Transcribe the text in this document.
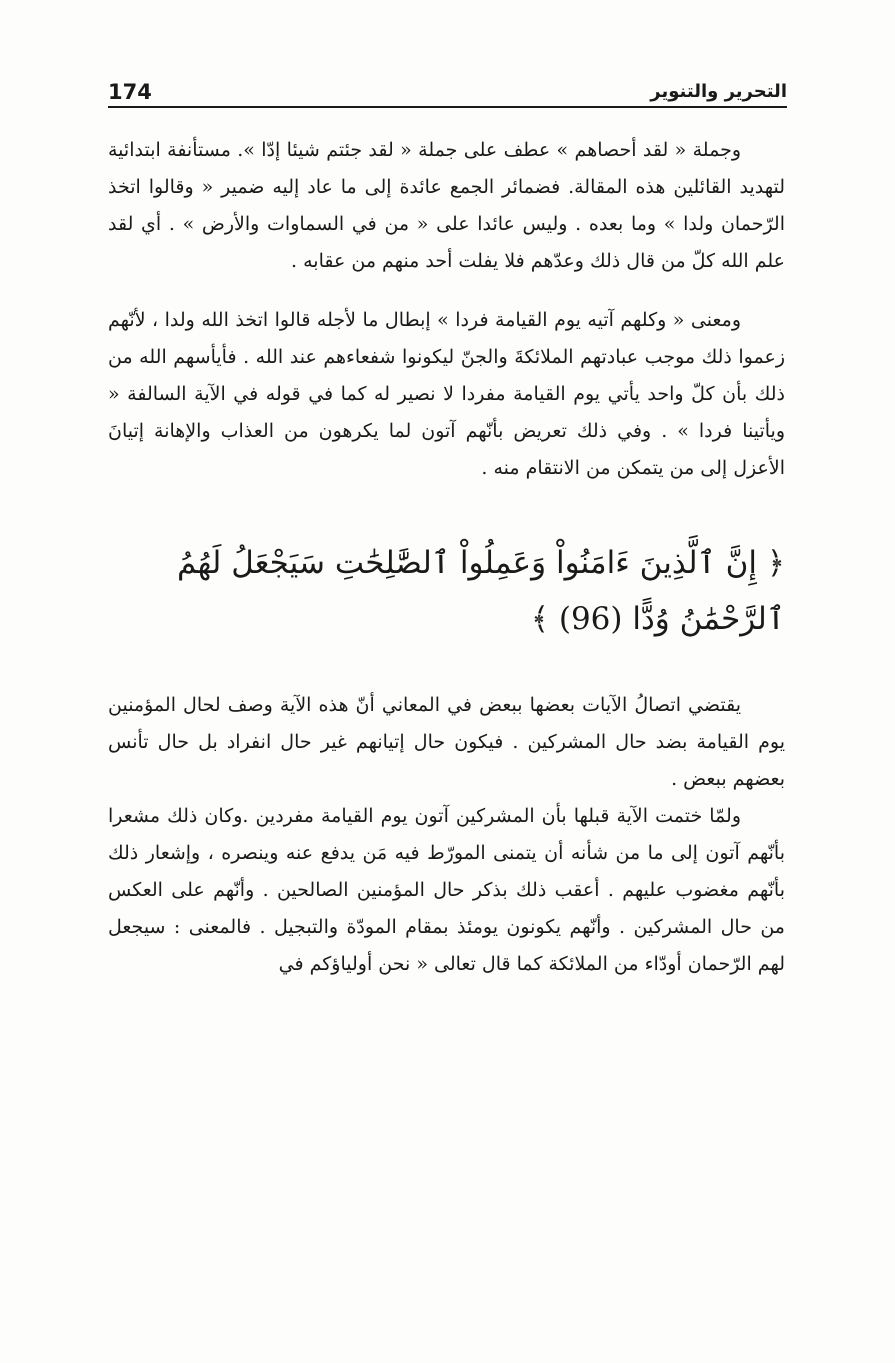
174	التحرير والتنوير

وجملة « لقد أحصاهم » عطف على جملة « لقد جئتم شيئا إدّا ». مستأنفة ابتدائية لتهديد القائلين هذه المقالة. فضمائر الجمع عائدة إلى ما عاد إليه ضمير « وقالوا اتخذ الرّحمان ولدا » وما بعده . وليس عائدا على « من في السماوات والأرض » . أي لقد علم الله كلّ من قال ذلك وعدّهم فلا يفلت أحد منهم من عقابه .

ومعنى « وكلهم آتيه يوم القيامة فردا » إبطال ما لأجله قالوا اتخذ الله ولدا ، لأنّهم زعموا ذلك موجب عبادتهم الملائكةَ والجنّ ليكونوا شفعاءهم عند الله . فأيأسهم الله من ذلك بأن كلّ واحد يأتي يوم القيامة مفردا لا نصير له كما في قوله في الآية السالفة « ويأتينا فردا » . وفي ذلك تعريض بأنّهم آتون لما يكرهون من العذاب والإهانة إتيانَ الأعزل إلى من يتمكن من الانتقام منه .

﴿ إِنَّ ٱلَّذِينَ ءَامَنُواْ وَعَمِلُواْ ٱلصَّٰلِحَٰتِ سَيَجْعَلُ لَهُمُ ٱلرَّحْمَٰنُ وُدًّا (96) ﴾

يقتضي اتصالُ الآيات بعضها ببعض في المعاني أنّ هذه الآية وصف لحال المؤمنين يوم القيامة بضد حال المشركين . فيكون حال إتيانهم غير حال انفراد بل حال تأنس بعضهم ببعض .

ولمّا ختمت الآية قبلها بأن المشركين آتون يوم القيامة مفردين .وكان ذلك مشعرا بأنّهم آتون إلى ما من شأنه أن يتمنى المورّط فيه مَن يدفع عنه وينصره ، وإشعار ذلك بأنّهم مغضوب عليهم . أعقب ذلك بذكر حال المؤمنين الصالحين . وأنّهم على العكس من حال المشركين . وأنّهم يكونون يومئذ بمقام المودّة والتبجيل . فالمعنى : سيجعل لهم الرّحمان أودّاء من الملائكة كما قال تعالى « نحن أولياؤكم في
